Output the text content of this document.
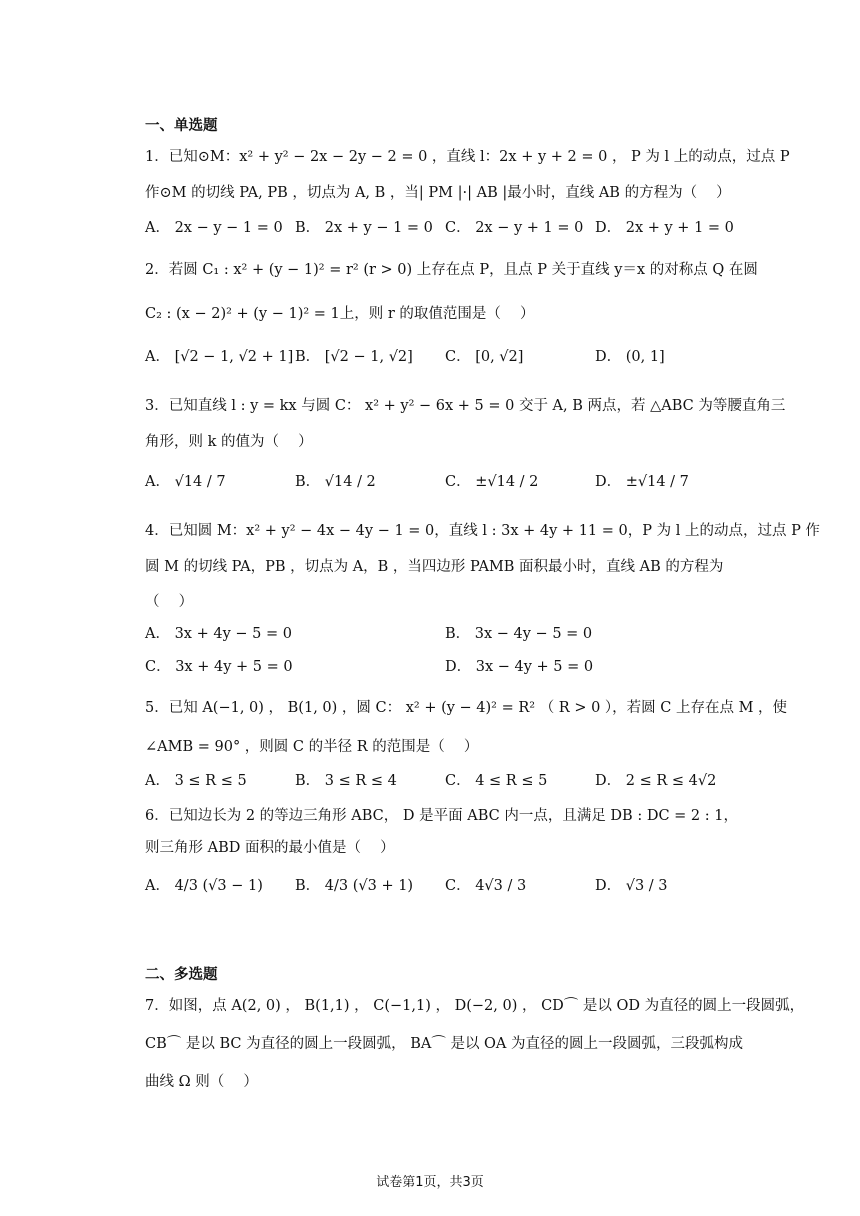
一、单选题
1．已知⊙M：x² + y² − 2x − 2y − 2 = 0 ，直线 l：2x + y + 2 = 0 ， P 为 l 上的动点，过点 P
作⊙M 的切线 PA, PB ，切点为 A, B ，当| PM |·| AB |最小时，直线 AB 的方程为（　 ）
A． 2x − y − 1 = 0 B． 2x + y − 1 = 0 C． 2x − y + 1 = 0 D． 2x + y + 1 = 0
2．若圆 C₁ : x² + (y − 1)² = r² (r > 0) 上存在点 P，且点 P 关于直线 y＝x 的对称点 Q 在圆
C₂ : (x − 2)² + (y − 1)² = 1上，则 r 的取值范围是（　 ）
A． [√2 − 1, √2 + 1] B． [√2 − 1, √2] C． [0, √2]	D． (0, 1]
3．已知直线 l : y = kx 与圆 C： x² + y² − 6x + 5 = 0 交于 A, B 两点，若 △ABC 为等腰直角三
角形，则 k 的值为（　 ）
A． √14 / 7	B． √14 / 2	C． ±√14 / 2	D． ±√14 / 7
4．已知圆 M：x² + y² − 4x − 4y − 1 = 0，直线 l : 3x + 4y + 11 = 0，P 为 l 上的动点，过点 P 作
圆 M 的切线 PA，PB ，切点为 A，B ，当四边形 PAMB 面积最小时，直线 AB 的方程为
（　 ）
A． 3x + 4y − 5 = 0	B． 3x − 4y − 5 = 0
C． 3x + 4y + 5 = 0	D． 3x − 4y + 5 = 0
5．已知 A(−1, 0) ， B(1, 0) ，圆 C： x² + (y − 4)² = R² （ R > 0 ），若圆 C 上存在点 M ，使
∠AMB = 90° ，则圆 C 的半径 R 的范围是（　 ）
A． 3 ≤ R ≤ 5	B． 3 ≤ R ≤ 4	C． 4 ≤ R ≤ 5	D． 2 ≤ R ≤ 4√2
6．已知边长为 2 的等边三角形 ABC， D 是平面 ABC 内一点，且满足 DB : DC = 2 : 1，
则三角形 ABD 面积的最小值是（　 ）
A． 4/3 (√3 − 1) B． 4/3 (√3 + 1) C． 4√3 / 3	D． √3 / 3
二、多选题
7．如图，点 A(2, 0) ， B(1,1) ， C(−1,1) ， D(−2, 0) ， CD⌒ 是以 OD 为直径的圆上一段圆弧，
CB⌒ 是以 BC 为直径的圆上一段圆弧， BA⌒ 是以 OA 为直径的圆上一段圆弧，三段弧构成
曲线 Ω 则（　 ）
试卷第1页，共3页
